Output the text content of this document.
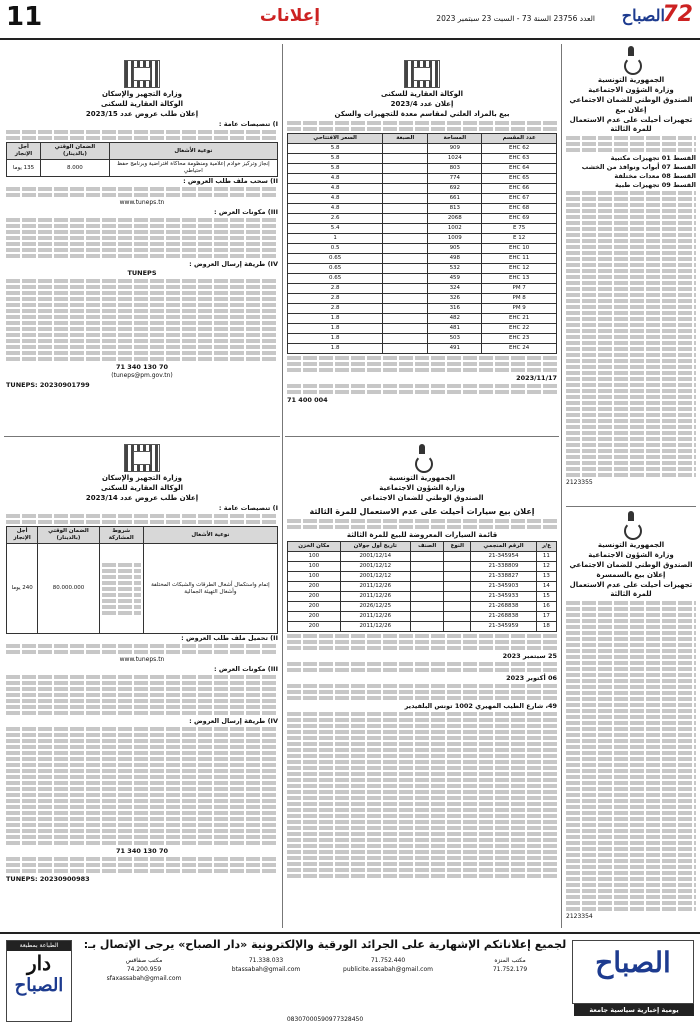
11	إعلانات	العدد 23756 السنة 73 - السبت 23 سبتمبر 2023	72
الصباح

الجمهورية التونسية

وزارة الشؤون الاجتماعية

الصندوق الوطني للضمان الاجتماعي

إعلان بيع

تجهيزات أحيلت على عدم الاستعمال للمرة الثالثة

القسط 01 تجهيزات مكتبية

القسط 07 أبواب ونوافذ من الخشب

القسط 08 معدات مختلفة

القسط 09 تجهيزات طبية

2123355

الجمهورية التونسية

وزارة الشؤون الاجتماعية

الصندوق الوطني للضمان الاجتماعي

إعلان بيع بالسمسرة

تجهيزات أحيلت على عدم الاستعمال للمرة الثالثة

2123354

الوكالة العقارية للسكنى

إعلان عدد 2023/4

بيع بالمزاد العلني لمقاسم معدة للتجهيزات والسكن

عدد المقسم	المساحة	الصبغة	السعر الافتتاحي
EHC 62	909		5.8
EHC 63	1024		5.8
EHC 64	803		5.8
EHC 65	774		4.8
EHC 66	692		4.8
EHC 67	661		4.8
EHC 68	813		4.8
EHC 69	2068		2.6
E 75	1002		5.4
E 12	1009		1
EHC 10	905		0.5
EHC 11	498		0.65
EHC 12	532		0.65
EHC 13	459		0.65
PM 7	324		2.8
PM 8	326		2.8
PM 9	316		2.8
EHC 21	482		1.8
EHC 22	481		1.8
EHC 23	503		1.8
EHC 24	491		1.8

2023/11/17

71 400 004

وزارة التجهيز والإسكان

الوكالة العقارية للسكنى

إعلان طلب عروض عدد 2023/15

I) تنصيصات عامة :

نوعية الأشغال	الضمان الوقتي (بالدينار)	أجل الإنجاز
إنجاز وتركيز خوادم إعلامية ومنظومة محاكاة افتراضية وبرنامج حفظ احتياطي	8.000	135 يوما

II) سحب ملف طلب العروض :

www.tuneps.tn

III) مكونات العرض :

IV) طريقة إرسال العروض :

TUNEPS

71 340 130 70

(tuneps@pm.gov.tn)

TUNEPS: 20230901799

الجمهورية التونسية

وزارة الشؤون الاجتماعية

الصندوق الوطني للضمان الاجتماعي

إعلان بيع سيارات أحيلت على عدم الاستعمال للمرة الثالثة

قائمة السيارات المعروضة للبيع للمرة الثالثة

ع/ر	الرقم المنجمي	النوع	الصنف	تاريخ أول جولان	مكان الخزن
11	21-345954			2001/12/14	100
12	21-338809			2001/12/12	100
13	21-338827			2001/12/12	100
14	21-345903			2011/12/26	200
15	21-345933			2011/12/26	200
16	21-268838			2026/12/25	200
17	21-268838			2011/12/26	200
18	21-345959			2011/12/26	200

25 سبتمبر 2023

06 أكتوبر 2023

49، شارع الطيب المهيري 1002 تونس البلفيدير

وزارة التجهيز والإسكان

الوكالة العقارية للسكنى

إعلان طلب عروض عدد 2023/14

I) تنصيصات عامة :

نوعية الأشغال	شروط المشاركة	الضمان الوقتي (بالدينار)	أجل الإنجاز
إتمام واستكمال أشغال الطرقات والشبكات المختلفة وأشغال التهيئة الجمالية		80.000.000	240 يوما

II) تحميل ملف طلب العروض :

www.tuneps.tn

III) مكونات العرض :

IV) طريقة إرسال العروض :

71 340 130 70

TUNEPS: 20230900983

الصباح
يومية إخبارية سياسية جامعة
الطباعة بمطبعة
دار
الصباح
لجميع إعلاناتكم الإشهارية على الجرائد الورقية والإلكترونية «دار الصباح» يرجى الإتصال بـ:
مكتب المنزه
71.752.179
71.752.440
publicite.assabah@gmail.com
71.338.033
btassabah@gmail.com
مكتب صفاقس
74.200.959
sfaxassabah@gmail.com
08307000590977328450
